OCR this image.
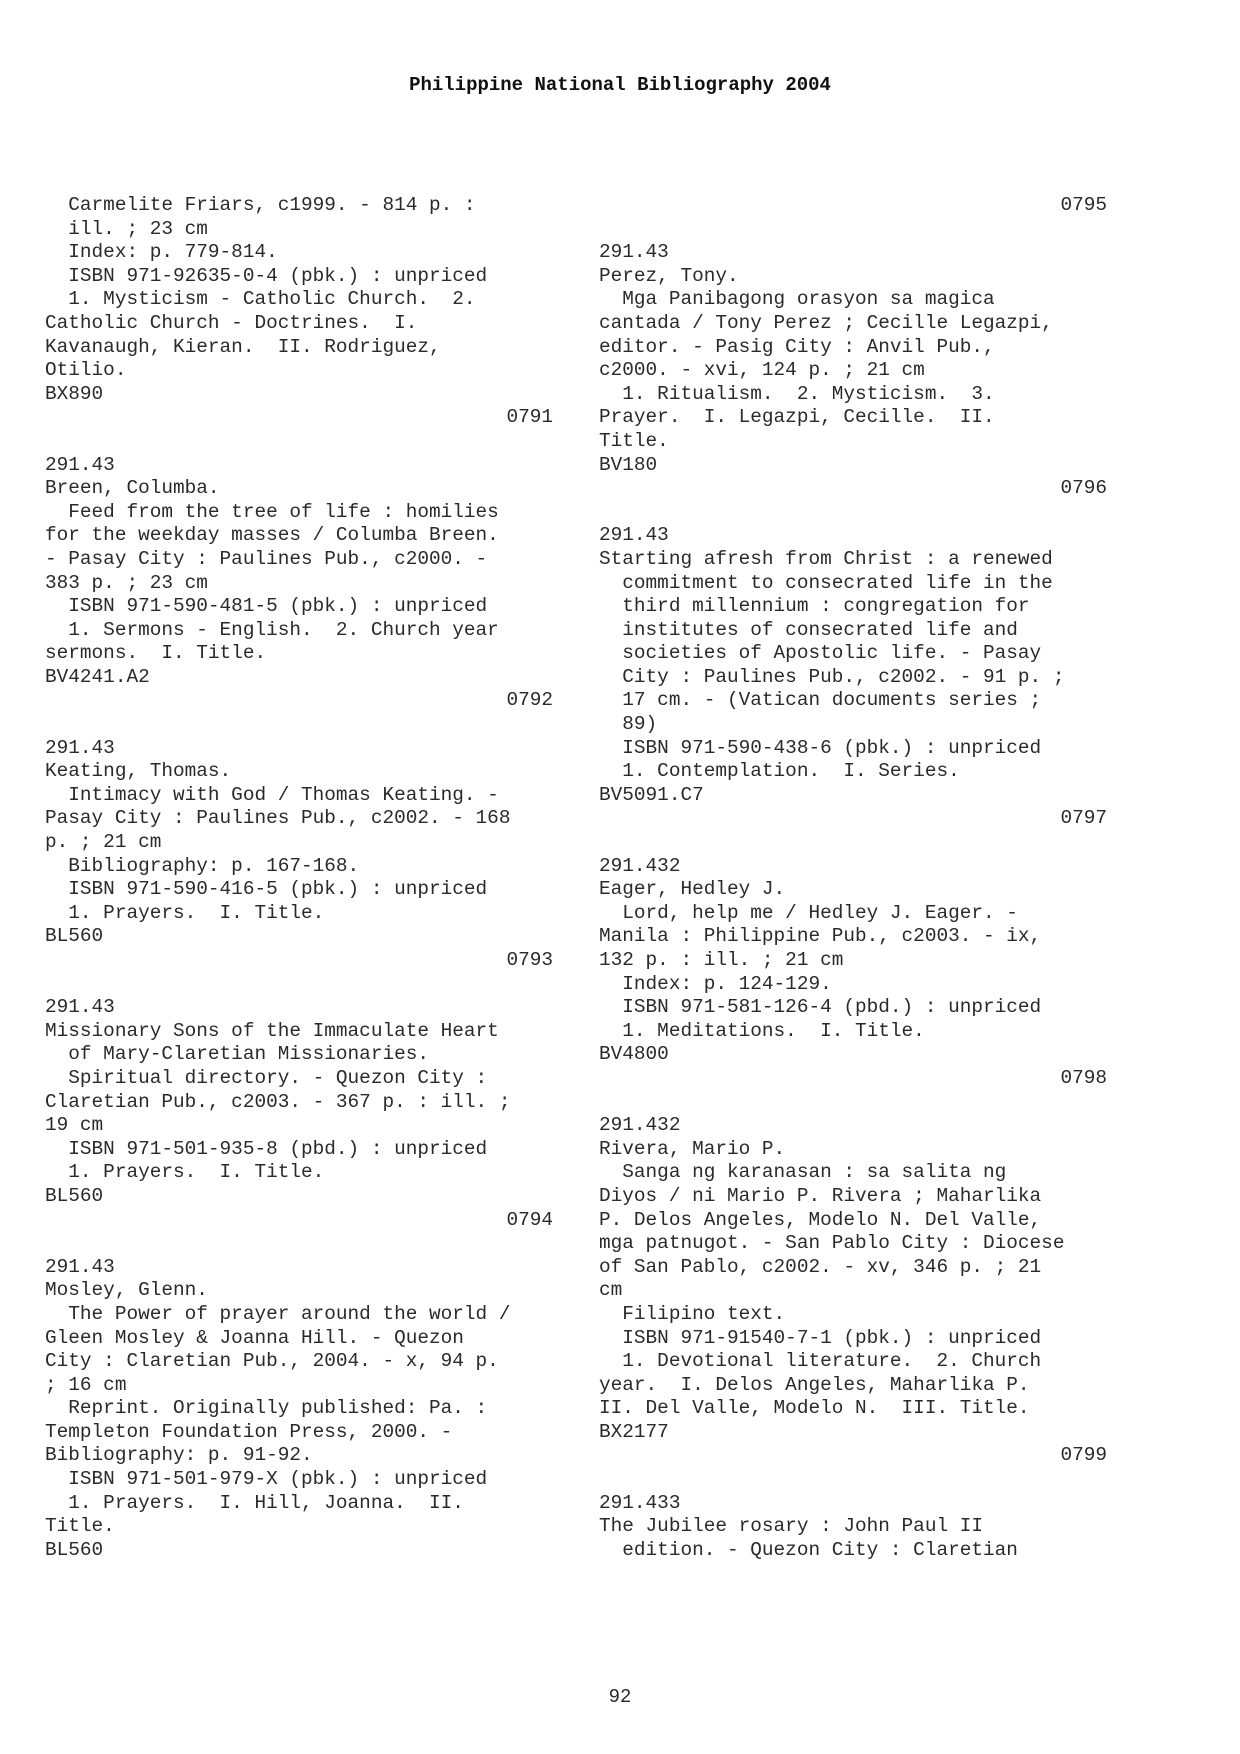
Philippine National Bibliography 2004
Carmelite Friars, c1999. - 814 p. :
ill. ; 23 cm
Index: p. 779-814.
ISBN 971-92635-0-4 (pbk.) : unpriced
1. Mysticism - Catholic Church.  2.
Catholic Church - Doctrines.  I.
Kavanaugh, Kieran.  II. Rodriguez,
Otilio.
BX890
0791
291.43
Breen, Columba.
Feed from the tree of life : homilies
for the weekday masses / Columba Breen.
- Pasay City : Paulines Pub., c2000. -
383 p. ; 23 cm
ISBN 971-590-481-5 (pbk.) : unpriced
1. Sermons - English.  2. Church year
sermons.  I. Title.
BV4241.A2
0792
291.43
Keating, Thomas.
Intimacy with God / Thomas Keating. -
Pasay City : Paulines Pub., c2002. - 168
p. ; 21 cm
Bibliography: p. 167-168.
ISBN 971-590-416-5 (pbk.) : unpriced
1. Prayers.  I. Title.
BL560
0793
291.43
Missionary Sons of the Immaculate Heart
of Mary-Claretian Missionaries.
Spiritual directory. - Quezon City :
Claretian Pub., c2003. - 367 p. : ill. ;
19 cm
ISBN 971-501-935-8 (pbd.) : unpriced
1. Prayers.  I. Title.
BL560
0794
291.43
Mosley, Glenn.
The Power of prayer around the world /
Gleen Mosley & Joanna Hill. - Quezon
City : Claretian Pub., 2004. - x, 94 p.
; 16 cm
Reprint. Originally published: Pa. :
Templeton Foundation Press, 2000. -
Bibliography: p. 91-92.
ISBN 971-501-979-X (pbk.) : unpriced
1. Prayers.  I. Hill, Joanna.  II.
Title.
BL560
0795
291.43
Perez, Tony.
Mga Panibagong orasyon sa magica
cantada / Tony Perez ; Cecille Legazpi,
editor. - Pasig City : Anvil Pub.,
c2000. - xvi, 124 p. ; 21 cm
1. Ritualism.  2. Mysticism.  3.
Prayer.  I. Legazpi, Cecille.  II.
Title.
BV180
0796
291.43
Starting afresh from Christ : a renewed
commitment to consecrated life in the
third millennium : congregation for
institutes of consecrated life and
societies of Apostolic life. - Pasay
City : Paulines Pub., c2002. - 91 p. ;
17 cm. - (Vatican documents series ;
89)
ISBN 971-590-438-6 (pbk.) : unpriced
1. Contemplation.  I. Series.
BV5091.C7
0797
291.432
Eager, Hedley J.
Lord, help me / Hedley J. Eager. -
Manila : Philippine Pub., c2003. - ix,
132 p. : ill. ; 21 cm
Index: p. 124-129.
ISBN 971-581-126-4 (pbd.) : unpriced
1. Meditations.  I. Title.
BV4800
0798
291.432
Rivera, Mario P.
Sanga ng karanasan : sa salita ng
Diyos / ni Mario P. Rivera ; Maharlika
P. Delos Angeles, Modelo N. Del Valle,
mga patnugot. - San Pablo City : Diocese
of San Pablo, c2002. - xv, 346 p. ; 21
cm
Filipino text.
ISBN 971-91540-7-1 (pbk.) : unpriced
1. Devotional literature.  2. Church
year.  I. Delos Angeles, Maharlika P.
II. Del Valle, Modelo N.  III. Title.
BX2177
0799
291.433
The Jubilee rosary : John Paul II
edition. - Quezon City : Claretian
92
